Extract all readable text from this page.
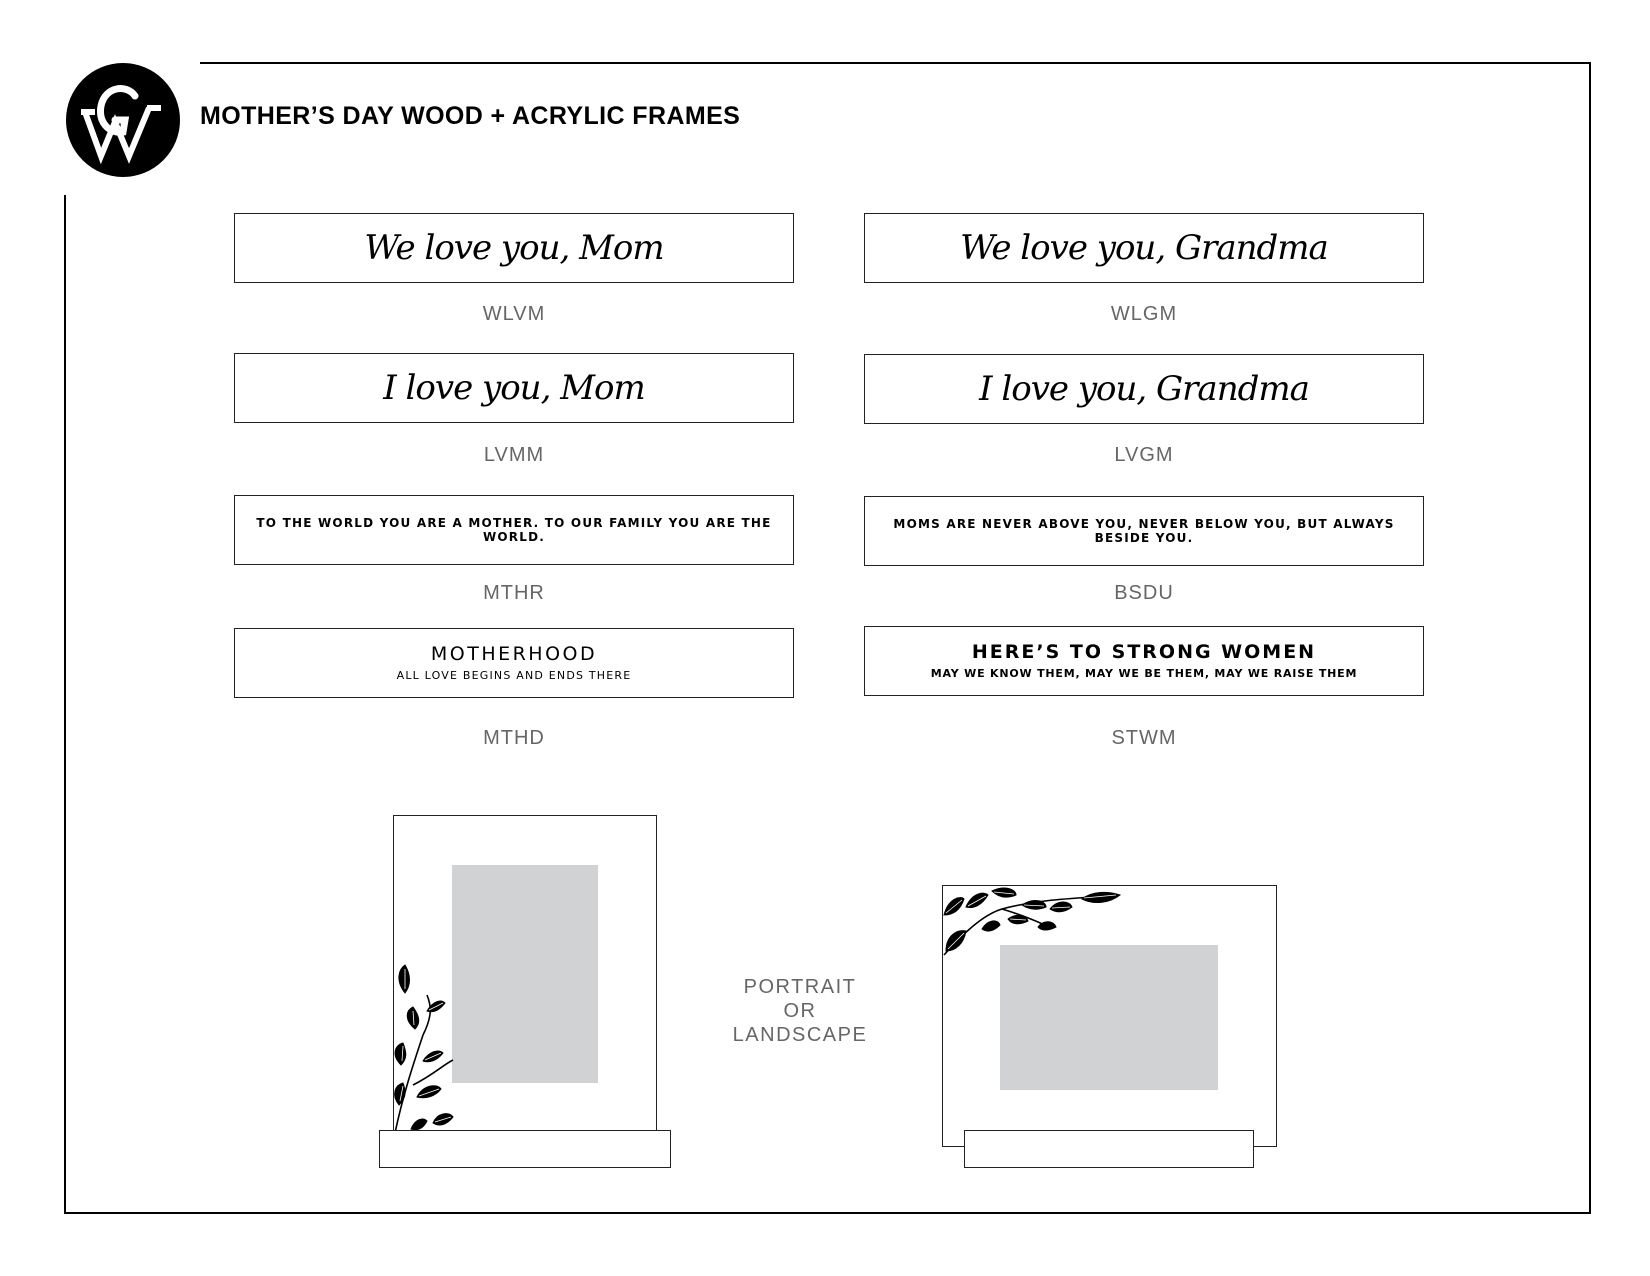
MOTHER’S DAY WOOD + ACRYLIC FRAMES
We love you, Mom
WLVM
We love you, Grandma
WLGM
I love you, Mom
LVMM
I love you, Grandma
LVGM
TO THE WORLD YOU ARE A MOTHER. TO OUR FAMILY YOU ARE THE WORLD.
MTHR
MOMS ARE NEVER ABOVE YOU, NEVER BELOW YOU, BUT ALWAYS BESIDE YOU.
BSDU
MOTHERHOOD
ALL LOVE BEGINS AND ENDS THERE
MTHD
HERE’S TO STRONG WOMEN
MAY WE KNOW THEM, MAY WE BE THEM, MAY WE RAISE THEM
STWM
PORTRAIT
OR
LANDSCAPE
